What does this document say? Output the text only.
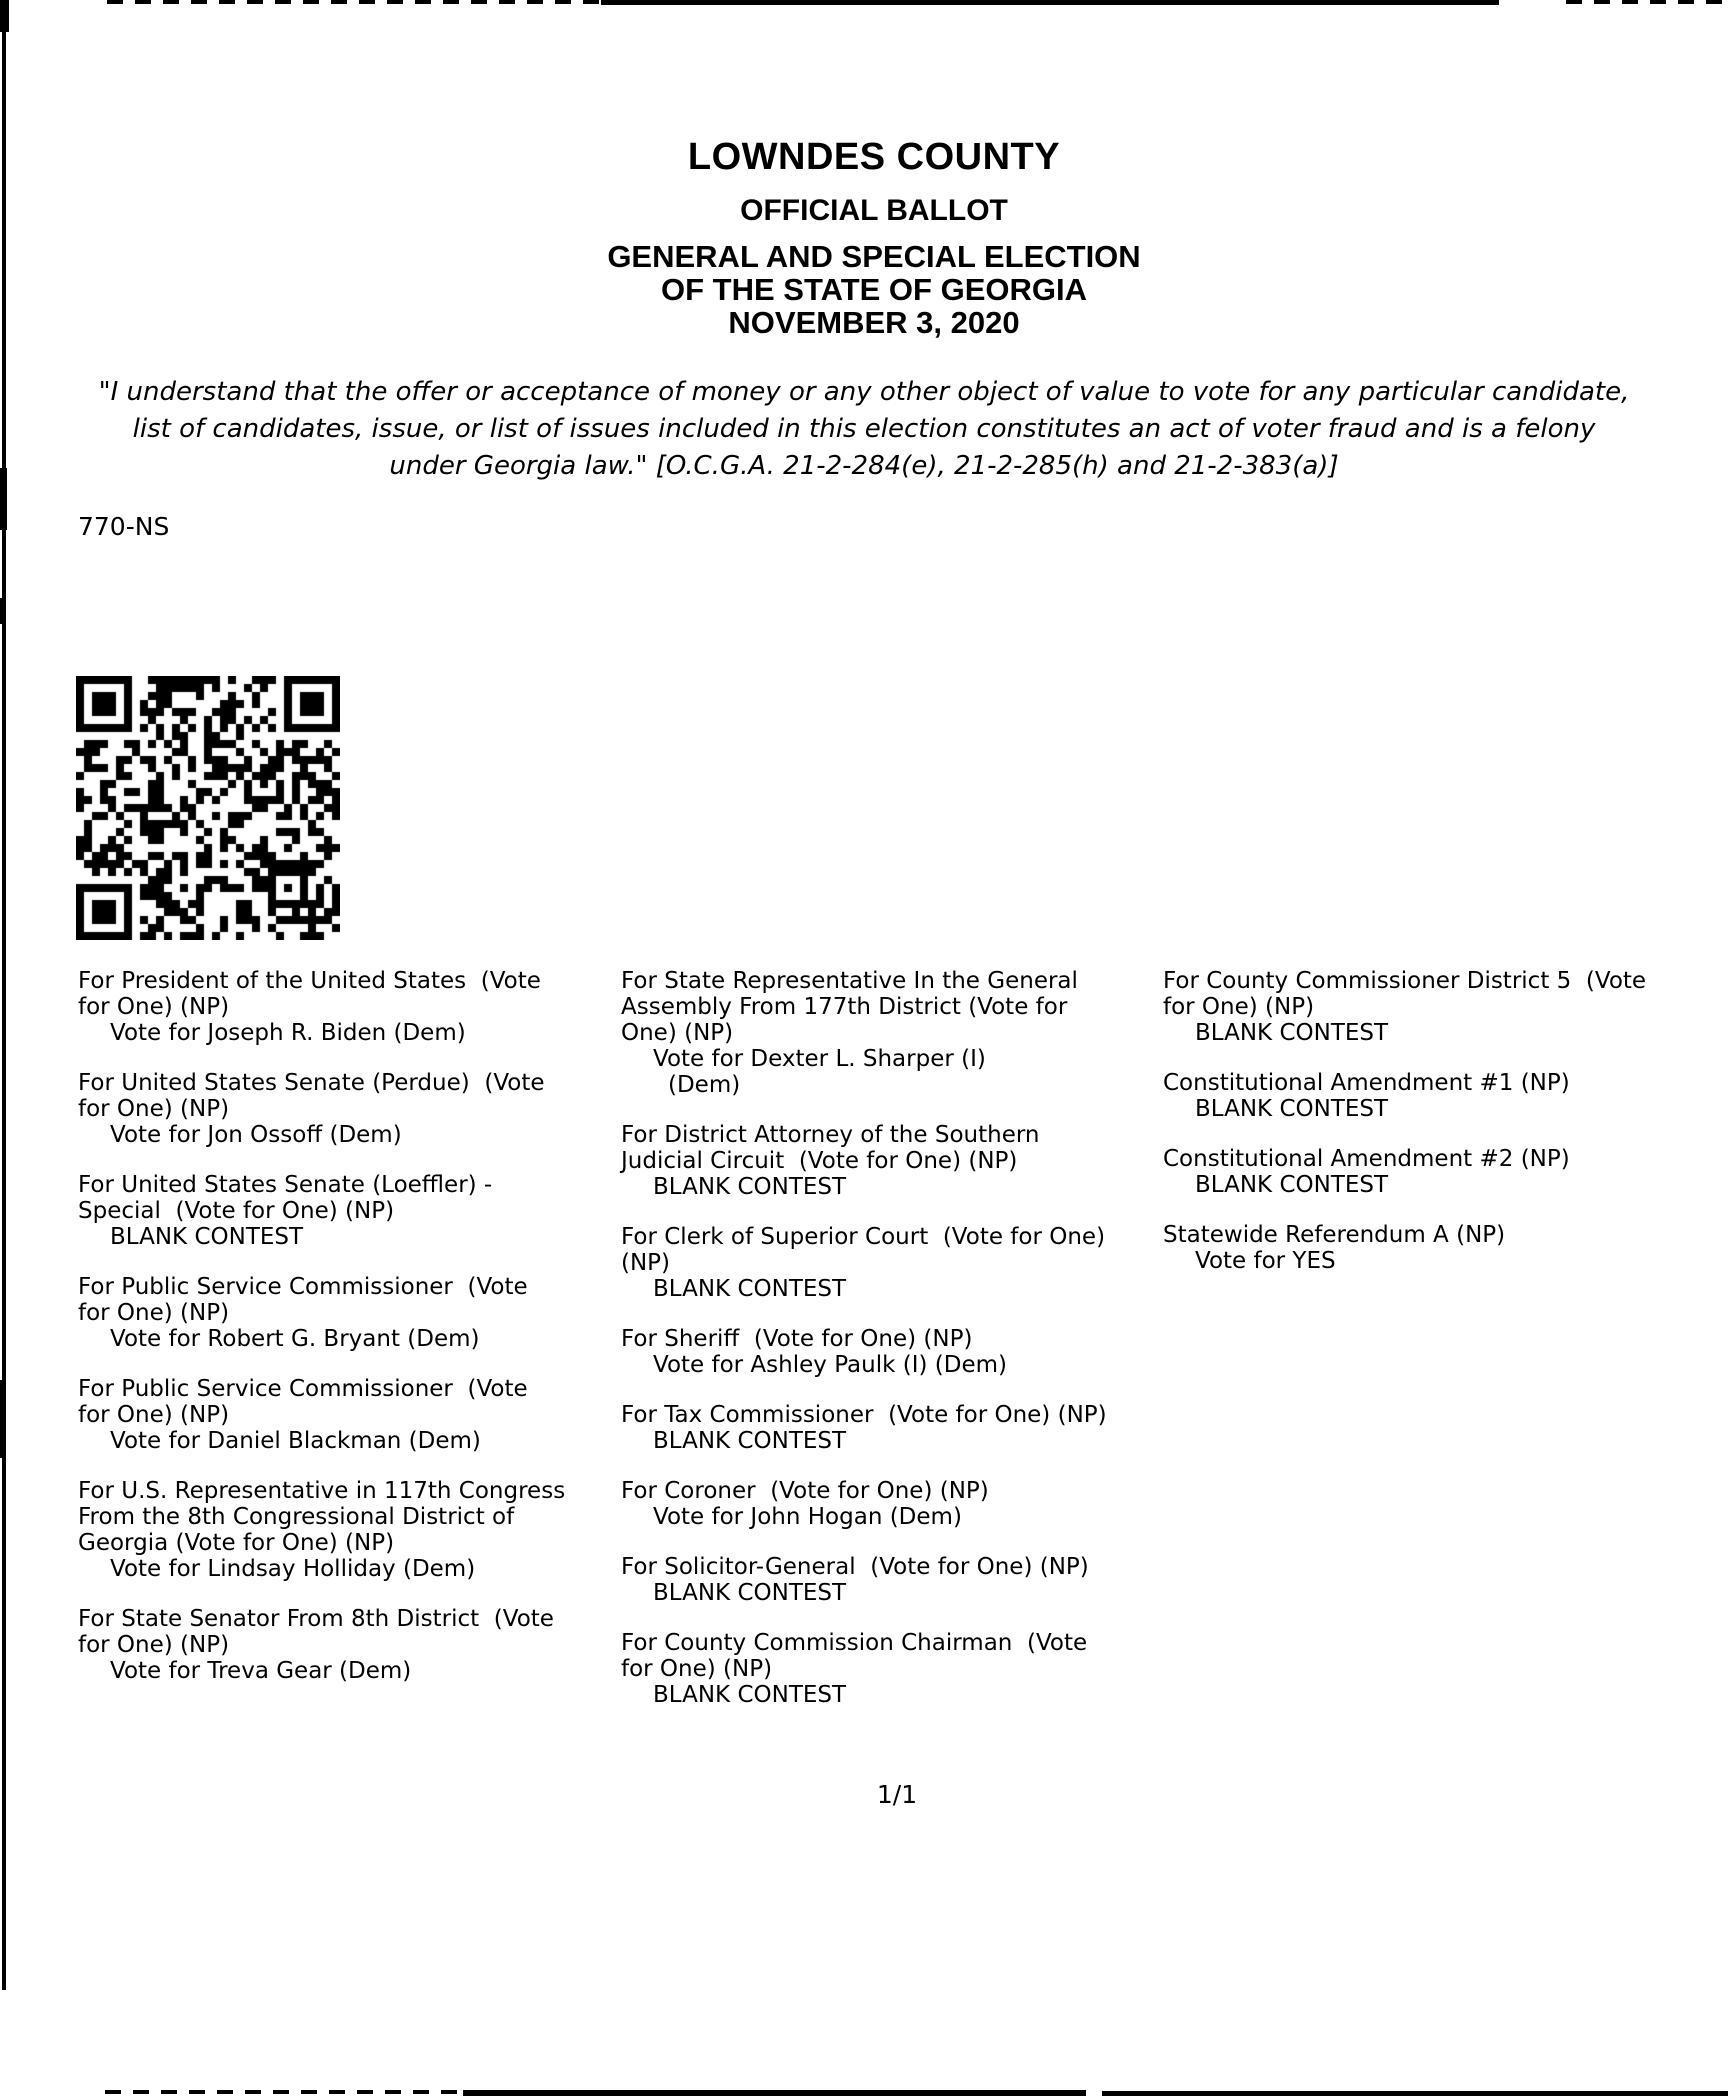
LOWNDES COUNTY
OFFICIAL BALLOT
GENERAL AND SPECIAL ELECTION
OF THE STATE OF GEORGIA
NOVEMBER 3, 2020
"I understand that the offer or acceptance of money or any other object of value to vote for any particular candidate,
list of candidates, issue, or list of issues included in this election constitutes an act of voter fraud and is a felony
under Georgia law." [O.C.G.A. 21-2-284(e), 21-2-285(h) and 21-2-383(a)]
770-NS
For President of the United States  (Vote
for One) (NP)
Vote for Joseph R. Biden (Dem)
For United States Senate (Perdue)  (Vote
for One) (NP)
Vote for Jon Ossoff (Dem)
For United States Senate (Loeffler) -
Special  (Vote for One) (NP)
BLANK CONTEST
For Public Service Commissioner  (Vote
for One) (NP)
Vote for Robert G. Bryant (Dem)
For Public Service Commissioner  (Vote
for One) (NP)
Vote for Daniel Blackman (Dem)
For U.S. Representative in 117th Congress
From the 8th Congressional District of
Georgia (Vote for One) (NP)
Vote for Lindsay Holliday (Dem)
For State Senator From 8th District  (Vote
for One) (NP)
Vote for Treva Gear (Dem)
For State Representative In the General
Assembly From 177th District (Vote for
One) (NP)
Vote for Dexter L. Sharper (I)
(Dem)
For District Attorney of the Southern
Judicial Circuit  (Vote for One) (NP)
BLANK CONTEST
For Clerk of Superior Court  (Vote for One)
(NP)
BLANK CONTEST
For Sheriff  (Vote for One) (NP)
Vote for Ashley Paulk (I) (Dem)
For Tax Commissioner  (Vote for One) (NP)
BLANK CONTEST
For Coroner  (Vote for One) (NP)
Vote for John Hogan (Dem)
For Solicitor-General  (Vote for One) (NP)
BLANK CONTEST
For County Commission Chairman  (Vote
for One) (NP)
BLANK CONTEST
For County Commissioner District 5  (Vote
for One) (NP)
BLANK CONTEST
Constitutional Amendment #1 (NP)
BLANK CONTEST
Constitutional Amendment #2 (NP)
BLANK CONTEST
Statewide Referendum A (NP)
Vote for YES
1/1
